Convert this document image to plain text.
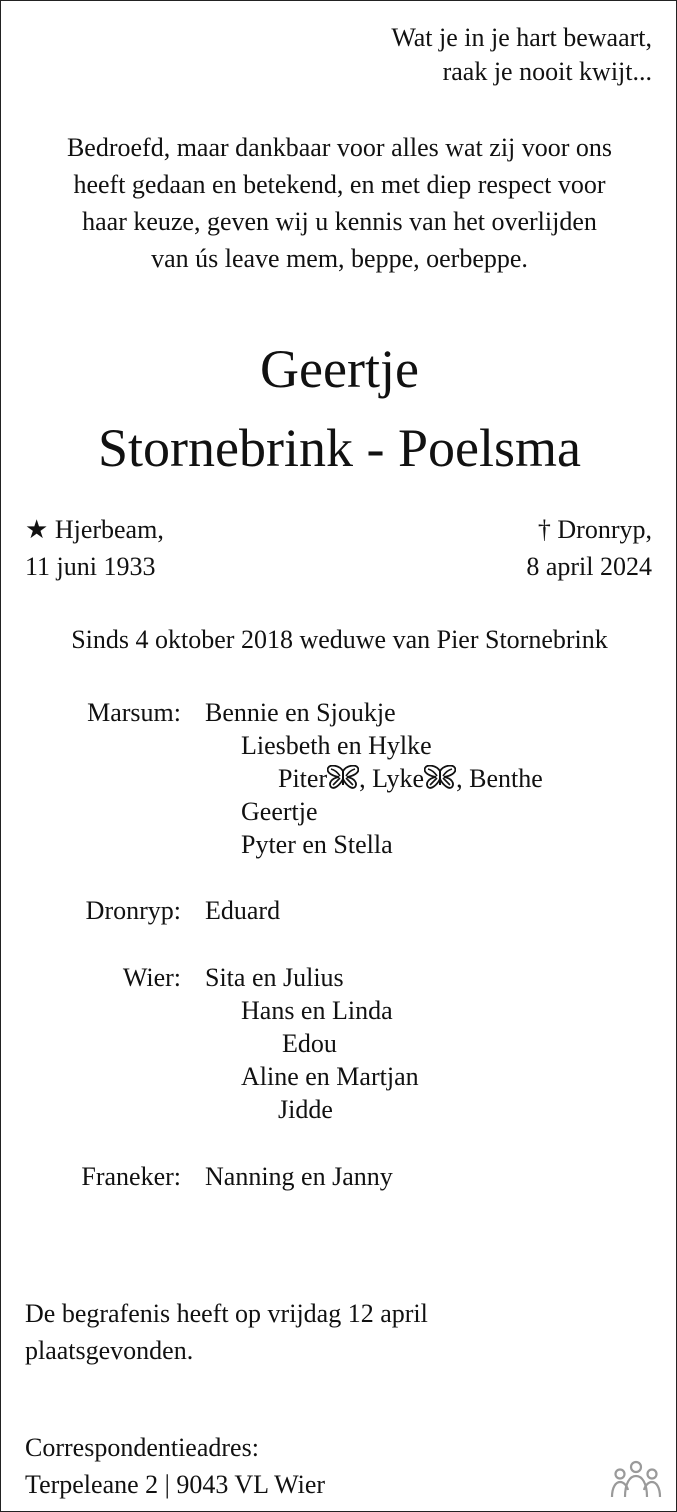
Wat je in je hart bewaart,
raak je nooit kwijt...
Bedroefd, maar dankbaar voor alles wat zij voor ons
heeft gedaan en betekend, en met diep respect voor
haar keuze, geven wij u kennis van het overlijden
van ús leave mem, beppe, oerbeppe.
Geertje
Stornebrink - Poelsma
★ Hjerbeam,
11 juni 1933
† Dronryp,
8 april 2024
Sinds 4 oktober 2018 weduwe van Pier Stornebrink
Marsum: Bennie en Sjoukje
Liesbeth en Hylke
Piter , Lyke , Benthe
Geertje
Pyter en Stella
Dronryp: Eduard
Wier: Sita en Julius
Hans en Linda
Edou
Aline en Martjan
Jidde
Franeker: Nanning en Janny
De begrafenis heeft op vrijdag 12 april
plaatsgevonden.
Correspondentieadres:
Terpeleane 2 | 9043 VL Wier
